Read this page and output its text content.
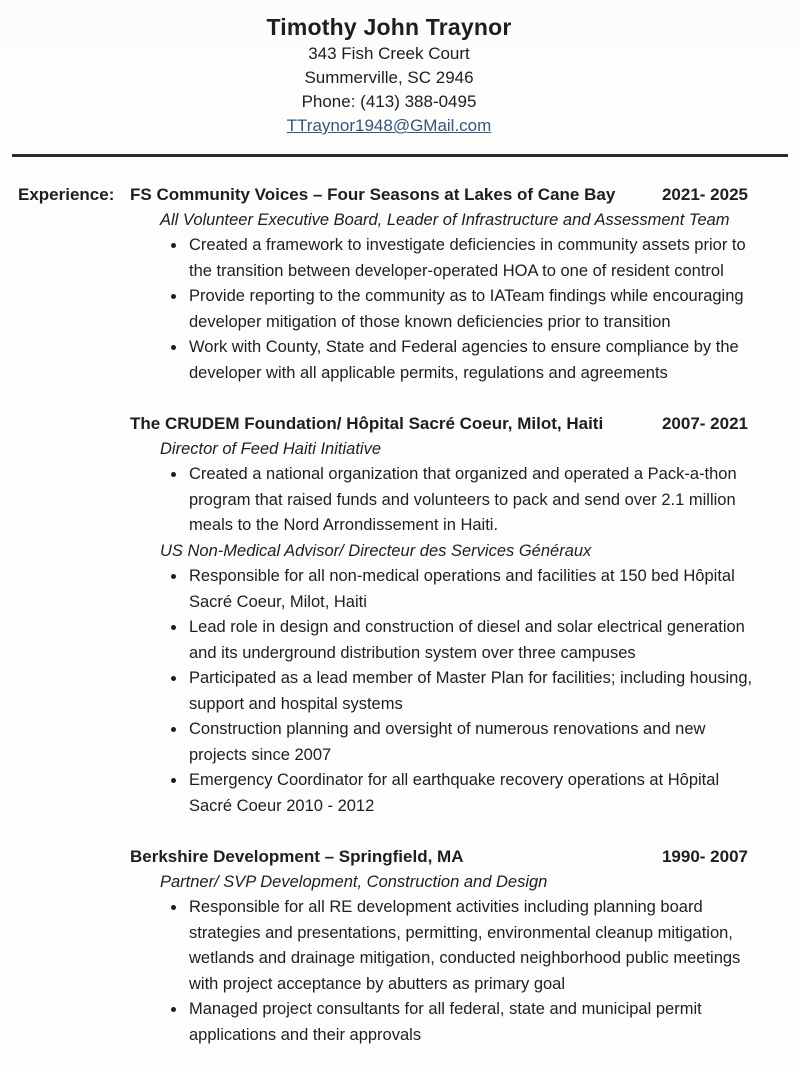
Timothy John Traynor
343 Fish Creek Court
Summerville, SC 2946
Phone: (413) 388-0495
TTraynor1948@GMail.com
Experience: FS Community Voices – Four Seasons at Lakes of Cane Bay	2021- 2025
All Volunteer Executive Board, Leader of Infrastructure and Assessment Team
• Created a framework to investigate deficiencies in community assets prior to the transition between developer-operated HOA to one of resident control
• Provide reporting to the community as to IATeam findings while encouraging developer mitigation of those known deficiencies prior to transition
• Work with County, State and Federal agencies to ensure compliance by the developer with all applicable permits, regulations and agreements
The CRUDEM Foundation/ Hôpital Sacré Coeur, Milot, Haiti	2007- 2021
Director of Feed Haiti Initiative
• Created a national organization that organized and operated a Pack-a-thon program that raised funds and volunteers to pack and send over 2.1 million meals to the Nord Arrondissement in Haiti.
US Non-Medical Advisor/ Directeur des Services Généraux
• Responsible for all non-medical operations and facilities at 150 bed Hôpital Sacré Coeur, Milot, Haiti
• Lead role in design and construction of diesel and solar electrical generation and its underground distribution system over three campuses
• Participated as a lead member of Master Plan for facilities; including housing, support and hospital systems
• Construction planning and oversight of numerous renovations and new projects since 2007
• Emergency Coordinator for all earthquake recovery operations at Hôpital Sacré Coeur 2010 - 2012
Berkshire Development – Springfield, MA	1990- 2007
Partner/ SVP Development, Construction and Design
• Responsible for all RE development activities including planning board strategies and presentations, permitting, environmental cleanup mitigation, wetlands and drainage mitigation, conducted neighborhood public meetings with project acceptance by abutters as primary goal
• Managed project consultants for all federal, state and municipal permit applications and their approvals
